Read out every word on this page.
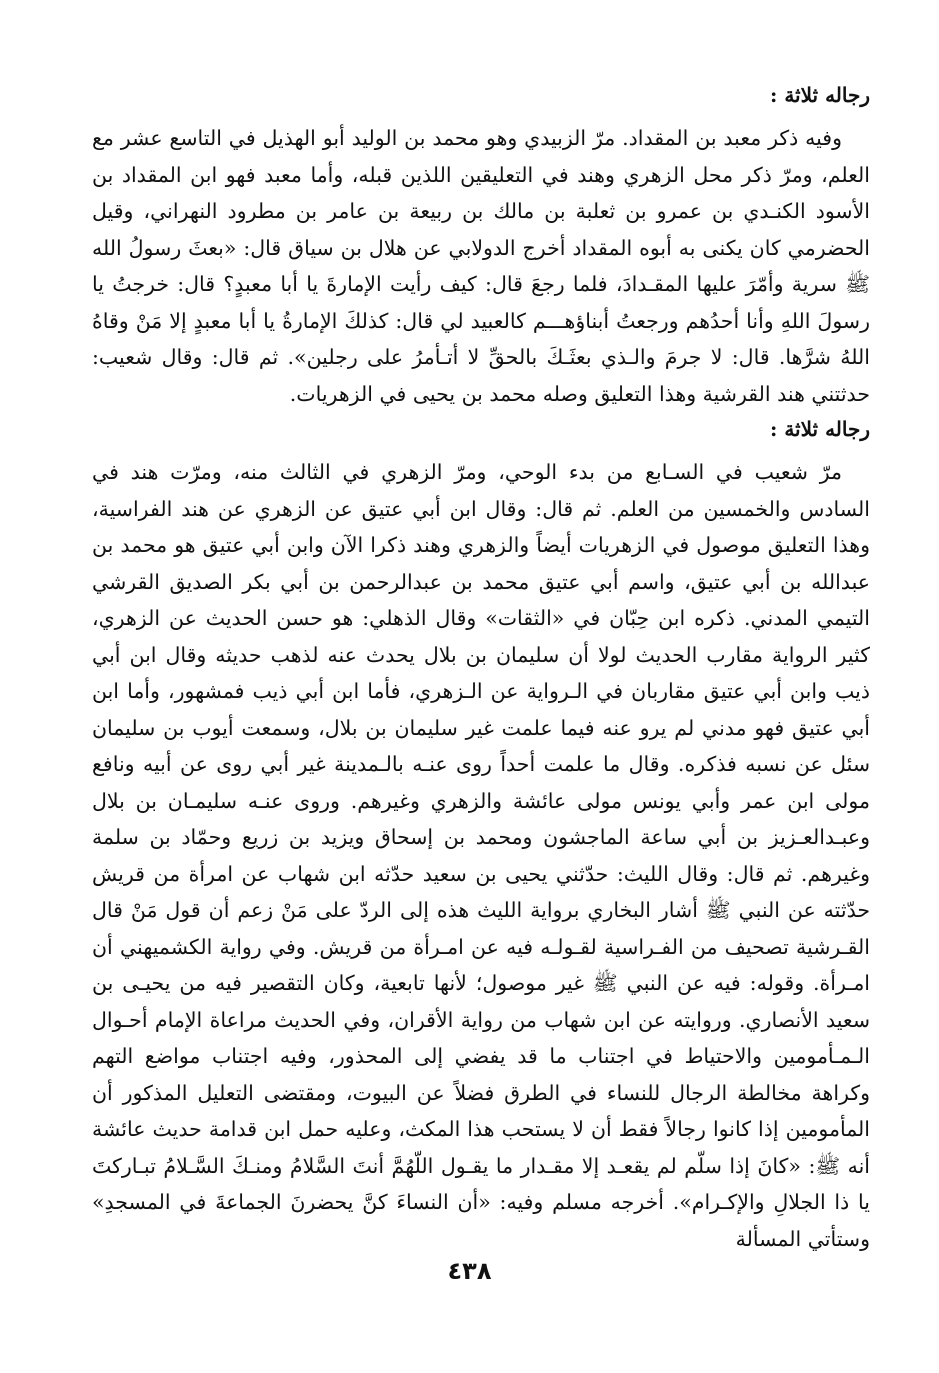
رجاله ثلاثة :

وفيه ذكر معبد بن المقداد. مرّ الزبيدي وهو محمد بن الوليد أبو الهذيل في التاسع عشر مع العلم، ومرّ ذكر محل الزهري وهند في التعليقين اللذين قبله، وأما معبد فهو ابن المقداد بن الأسود الكنـدي بن عمرو بن ثعلبة بن مالك بن ربيعة بن عامر بن مطرود النهراني، وقيل الحضرمي كان يكنى به أبوه المقداد أخرج الدولابي عن هلال بن سياق قال: «بعثَ رسولُ الله ﷺ سرية وأمّرَ عليها المقـدادَ، فلما رجعَ قال: كيف رأيت الإمارةَ يا أبا معبدٍ؟ قال: خرجتُ يا رسولَ اللهِ وأنا أحدُهم ورجعتُ أبناؤهـــم كالعبيد لي قال: كذلكَ الإمارةُ يا أبا معبدٍ إلا مَنْ وقاهُ اللهُ شرَّها. قال: لا جرمَ والـذي بعثَـكَ بالحقِّ لا أتـأمرُ على رجلين». ثم قال: وقال شعيب: حدثتني هند القرشية وهذا التعليق وصله محمد بن يحيى في الزهريات.

رجاله ثلاثة :

مرّ شعيب في السـابع من بدء الوحي، ومرّ الزهري في الثالث منه، ومرّت هند في السادس والخمسين من العلم. ثم قال: وقال ابن أبي عتيق عن الزهري عن هند الفراسية، وهذا التعليق موصول في الزهريات أيضاً والزهري وهند ذكرا الآن وابن أبي عتيق هو محمد بن عبدالله بن أبي عتيق، واسم أبي عتيق محمد بن عبدالرحمن بن أبي بكر الصديق القرشي التيمي المدني. ذكره ابن حِبّان في «الثقات» وقال الذهلي: هو حسن الحديث عن الزهري، كثير الرواية مقارب الحديث لولا أن سليمان بن بلال يحدث عنه لذهب حديثه وقال ابن أبي ذيب وابن أبي عتيق مقاربان في الـرواية عن الـزهري، فأما ابن أبي ذيب فمشهور، وأما ابن أبي عتيق فهو مدني لم يرو عنه فيما علمت غير سليمان بن بلال، وسمعت أيوب بن سليمان سئل عن نسبه فذكره. وقال ما علمت أحداً روى عنـه بالـمدينة غير أبي روى عن أبيه ونافع مولى ابن عمر وأبي يونس مولى عائشة والزهري وغيرهم. وروى عنـه سليمـان بن بلال وعبـدالعـزيز بن أبي ساعة الماجشون ومحمد بن إسحاق ويزيد بن زريع وحمّاد بن سلمة وغيرهم. ثم قال: وقال الليث: حدّثني يحيى بن سعيد حدّثه ابن شهاب عن امرأة من قريش حدّثته عن النبي ﷺ أشار البخاري برواية الليث هذه إلى الردّ على مَنْ زعم أن قول مَنْ قال القـرشية تصحيف من الفـراسية لقـولـه فيه عن امـرأة من قريش. وفي رواية الكشميهني أن امـرأة. وقوله: فيه عن النبي ﷺ غير موصول؛ لأنها تابعية، وكان التقصير فيه من يحيـى بن سعيد الأنصاري. وروايته عن ابن شهاب من رواية الأقران، وفي الحديث مراعاة الإمام أحـوال الـمـأمومين والاحتياط في اجتناب ما قد يفضي إلى المحذور، وفيه اجتناب مواضع التهم وكراهة مخالطة الرجال للنساء في الطرق فضلاً عن البيوت، ومقتضى التعليل المذكور أن المأمومين إذا كانوا رجالاً فقط أن لا يستحب هذا المكث، وعليه حمل ابن قدامة حديث عائشة أنه ﷺ: «كانَ إذا سلّم لم يقعـد إلا مقـدار ما يقـول اللّهُمَّ أنتَ السَّلامُ ومنـكَ السَّـلامُ تبـاركتَ يا ذا الجلالِ والإكـرام». أخرجه مسلم وفيه: «أن النساءَ كنَّ يحضرنَ الجماعةَ في المسجدِ» وستأتي المسألة

٤٣٨
